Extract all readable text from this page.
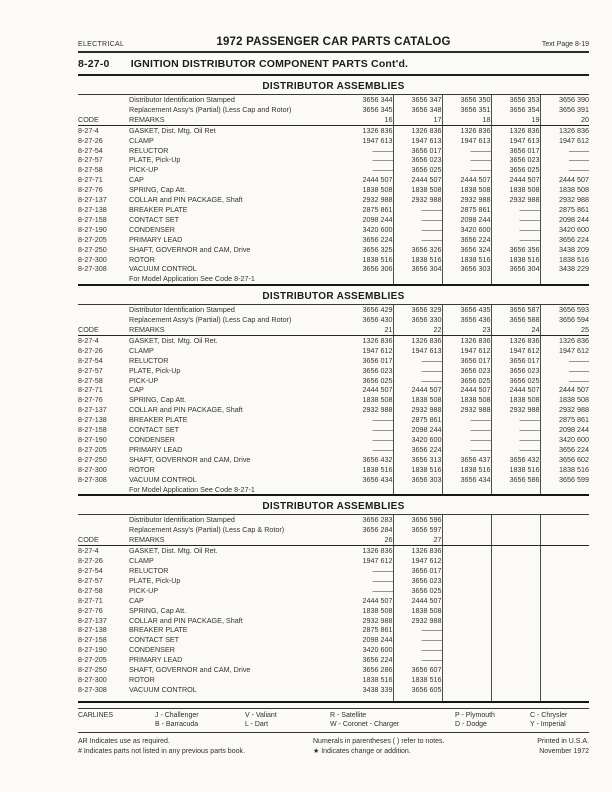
ELECTRICAL	1972 PASSENGER CAR PARTS CATALOG	Text Page 8-19
8-27-0 IGNITION DISTRIBUTOR COMPONENT PARTS Cont'd.
DISTRIBUTOR ASSEMBLIES
	Distributor Identification Stamped	3656 344	3656 347	3656 350	3656 353	3656 390
	Replacement Assy's (Partial) (Less Cap and Rotor)	3656 345	3656 348	3656 351	3656 354	3656 391
CODE	REMARKS	16	17	18	19	20
8-27-4	GASKET, Dist. Mtg. Oil Ret	1326 836	1326 836	1326 836	1326 836	1326 836
8-27-26	CLAMP	1947 613	1947 613	1947 613	1947 613	1947 612
8-27-54	RELUCTOR	———	3656 017	———	3656 017	———
8-27-57	PLATE, Pick-Up	———	3656 023	———	3656 023	———
8-27-58	PICK-UP	———	3656 025	———	3656 025	———
8-27-71	CAP	2444 507	2444 507	2444 507	2444 507	2444 507
8-27-76	SPRING, Cap Att.	1838 508	1838 508	1838 508	1838 508	1838 508
8-27-137	COLLAR and PIN PACKAGE, Shaft	2932 988	2932 988	2932 988	2932 988	2932 988
8-27-138	BREAKER PLATE	2875 861	———	2875 861	———	2875 861
8-27-158	CONTACT SET	2098 244	———	2098 244	———	2098 244
8-27-190	CONDENSER	3420 600	———	3420 600	———	3420 600
8-27-205	PRIMARY LEAD	3656 224	———	3656 224	———	3656 224
8-27-250	SHAFT, GOVERNOR and CAM, Drive	3656 325	3656 326	3656 324	3656 356	3438 209
8-27-300	ROTOR	1838 516	1838 516	1838 516	1838 516	1838 516
8-27-308	VACUUM CONTROL	3656 306	3656 304	3656 303	3656 304	3438 229
	For Model Application See Code 8-27-1					
DISTRIBUTOR ASSEMBLIES
	Distributor Identification Stamped	3656 429	3656 329	3656 435	3656 587	3656 593
	Replacement Assy's (Partial) (Less Cap and Rotor)	3656 430	3656 330	3656 436	3656 588	3656 594
CODE	REMARKS	21	22	23	24	25
8-27-4	GASKET, Dist. Mtg. Oil Ret.	1326 836	1326 836	1326 836	1326 836	1326 836
8-27-26	CLAMP	1947 612	1947 613	1947 612	1947 612	1947 612
8-27-54	RELUCTOR	3656 017	———	3656 017	3656 017	———
8-27-57	PLATE, Pick-Up	3656 023	———	3656 023	3656 023	———
8-27-58	PICK-UP	3656 025	———	3656 025	3656 025	———
8-27-71	CAP	2444 507	2444 507	2444 507	2444 507	2444 507
8-27-76	SPRING, Cap Att.	1838 508	1838 508	1838 508	1838 508	1838 508
8-27-137	COLLAR and PIN PACKAGE, Shaft	2932 988	2932 988	2932 988	2932 988	2932 988
8-27-138	BREAKER PLATE	———	2875 861	———	———	2875 861
8-27-158	CONTACT SET	———	2098 244	———	———	2098 244
8-27-190	CONDENSER	———	3420 600	———	———	3420 600
8-27-205	PRIMARY LEAD	———	3656 224	———	———	3656 224
8-27-250	SHAFT, GOVERNOR and CAM, Drive	3656 432	3656 313	3656 437	3656 432	3656 602
8-27-300	ROTOR	1838 516	1838 516	1838 516	1838 516	1838 516
8-27-308	VACUUM CONTROL	3656 434	3656 303	3656 434	3656 586	3656 599
	For Model Application See Code 8-27-1					
DISTRIBUTOR ASSEMBLIES
	Distributor Identification Stamped	3656 283	3656 596			
	Replacement Assy's (Partial) (Less Cap & Rotor)	3656 284	3656 597			
CODE	REMARKS	26	27			
8-27-4	GASKET, Dist. Mtg. Oil Ret.	1326 836	1326 836			
8-27-26	CLAMP	1947 612	1947 612			
8-27-54	RELUCTOR	———	3656 017			
8-27-57	PLATE, Pick-Up	———	3656 023			
8-27-58	PICK-UP	———	3656 025			
8-27-71	CAP	2444 507	2444 507			
8-27-76	SPRING, Cap Att.	1838 508	1838 508			
8-27-137	COLLAR and PIN PACKAGE, Shaft	2932 988	2932 988			
8-27-138	BREAKER PLATE	2875 861	———			
8-27-158	CONTACT SET	2098 244	———			
8-27-190	CONDENSER	3420 600	———			
8-27-205	PRIMARY LEAD	3656 224	———			
8-27-250	SHAFT, GOVERNOR and CAM, Drive	3656 286	3656 607			
8-27-300	ROTOR	1838 516	1838 516			
8-27-308	VACUUM CONTROL	3438 339	3656 605			

CARLINES	J - Challenger
B - Barracuda
V - Valiant
L - Dart
R - Satellite
W - Coronet - Charger
P - Plymouth
D - Dodge
C - Chrysler
Y - Imperial
AR Indicates use as required.
# Indicates parts not listed in any previous parts book.
Numerals in parentheses ( ) refer to notes.
★ Indicates change or addition.
Printed in U.S.A.
November 1972
